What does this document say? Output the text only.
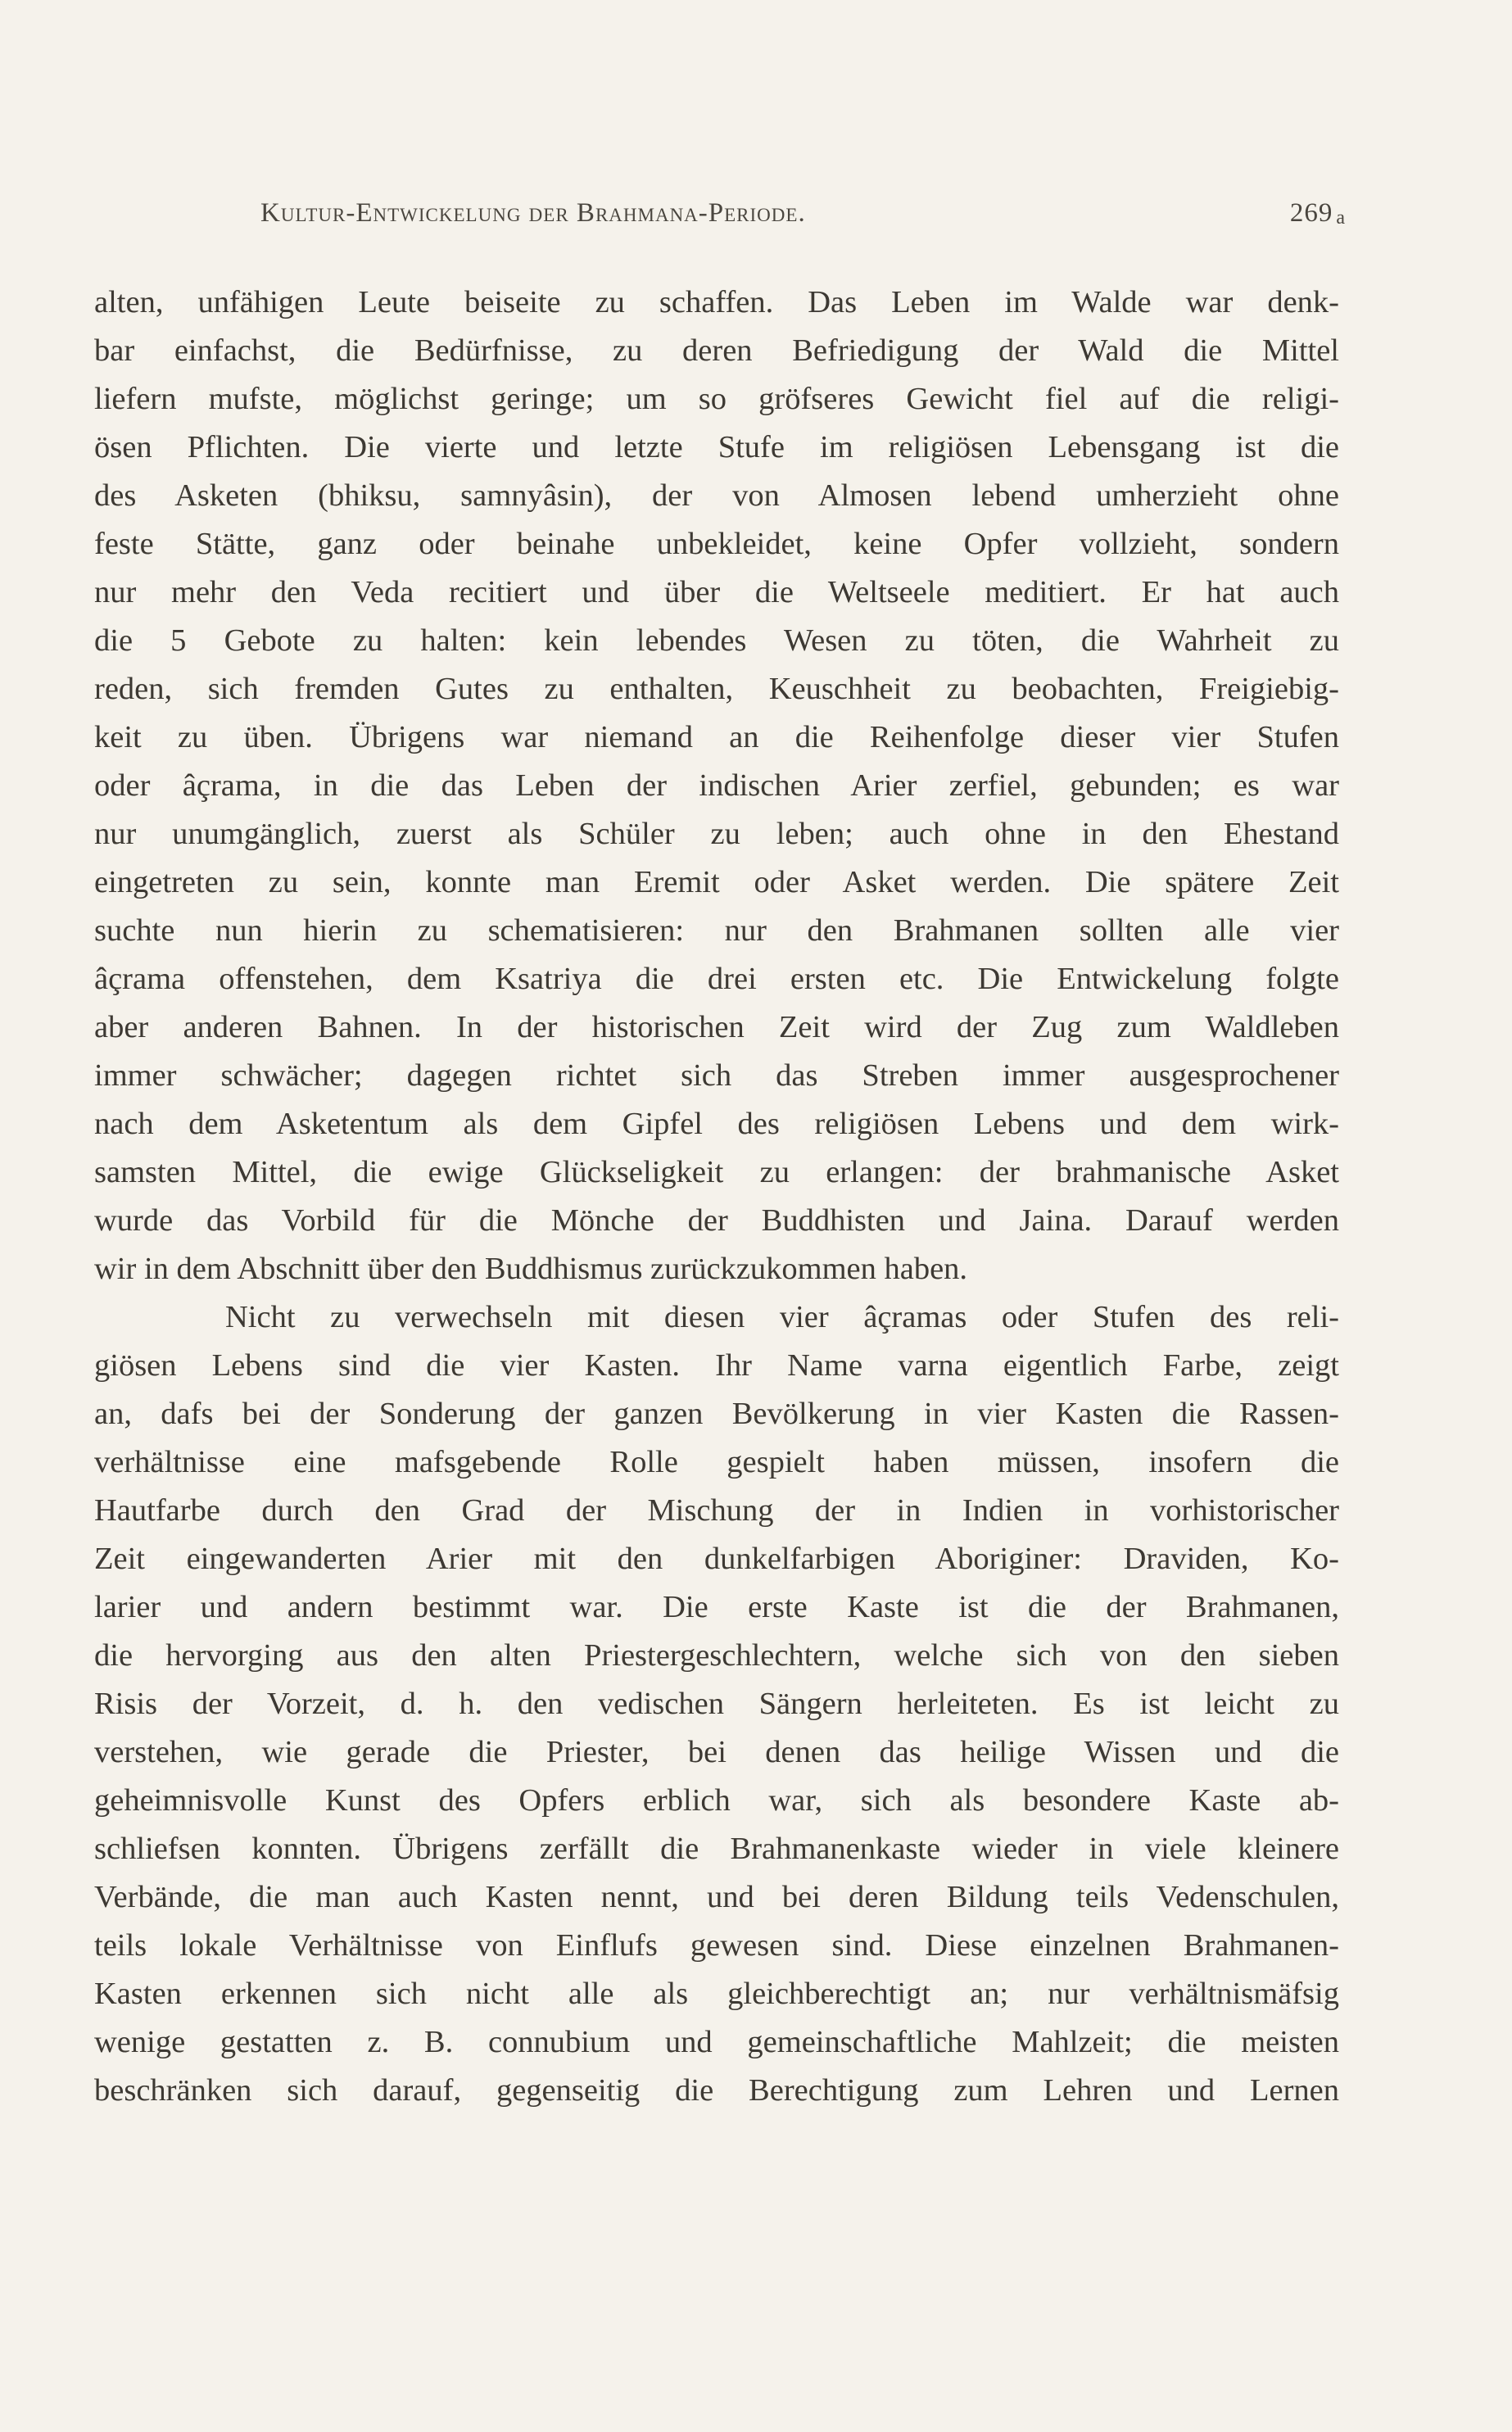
Kultur-Entwickelung der Brahmana-Periode.	269 a
alten, unfähigen Leute beiseite zu schaffen. Das Leben im Walde war denk-
bar einfachst, die Bedürfnisse, zu deren Befriedigung der Wald die Mittel
liefern mufste, möglichst geringe; um so gröfseres Gewicht fiel auf die religi-
ösen Pflichten. Die vierte und letzte Stufe im religiösen Lebensgang ist die
des Asketen (bhiksu, samnyâsin), der von Almosen lebend umherzieht ohne
feste Stätte, ganz oder beinahe unbekleidet, keine Opfer vollzieht, sondern
nur mehr den Veda recitiert und über die Weltseele meditiert. Er hat auch
die 5 Gebote zu halten: kein lebendes Wesen zu töten, die Wahrheit zu
reden, sich fremden Gutes zu enthalten, Keuschheit zu beobachten, Freigiebig-
keit zu üben. Übrigens war niemand an die Reihenfolge dieser vier Stufen
oder âçrama, in die das Leben der indischen Arier zerfiel, gebunden; es war
nur unumgänglich, zuerst als Schüler zu leben; auch ohne in den Ehestand
eingetreten zu sein, konnte man Eremit oder Asket werden. Die spätere Zeit
suchte nun hierin zu schematisieren: nur den Brahmanen sollten alle vier
âçrama offenstehen, dem Ksatriya die drei ersten etc. Die Entwickelung folgte
aber anderen Bahnen. In der historischen Zeit wird der Zug zum Waldleben
immer schwächer; dagegen richtet sich das Streben immer ausgesprochener
nach dem Asketentum als dem Gipfel des religiösen Lebens und dem wirk-
samsten Mittel, die ewige Glückseligkeit zu erlangen: der brahmanische Asket
wurde das Vorbild für die Mönche der Buddhisten und Jaina. Darauf werden
wir in dem Abschnitt über den Buddhismus zurückzukommen haben.
Nicht zu verwechseln mit diesen vier âçramas oder Stufen des reli-
giösen Lebens sind die vier Kasten. Ihr Name varna eigentlich Farbe, zeigt
an, dafs bei der Sonderung der ganzen Bevölkerung in vier Kasten die Rassen-
verhältnisse eine mafsgebende Rolle gespielt haben müssen, insofern die
Hautfarbe durch den Grad der Mischung der in Indien in vorhistorischer
Zeit eingewanderten Arier mit den dunkelfarbigen Aboriginer: Draviden, Ko-
larier und andern bestimmt war. Die erste Kaste ist die der Brahmanen,
die hervorging aus den alten Priestergeschlechtern, welche sich von den sieben
Risis der Vorzeit, d. h. den vedischen Sängern herleiteten. Es ist leicht zu
verstehen, wie gerade die Priester, bei denen das heilige Wissen und die
geheimnisvolle Kunst des Opfers erblich war, sich als besondere Kaste ab-
schliefsen konnten. Übrigens zerfällt die Brahmanenkaste wieder in viele kleinere
Verbände, die man auch Kasten nennt, und bei deren Bildung teils Vedenschulen,
teils lokale Verhältnisse von Einflufs gewesen sind. Diese einzelnen Brahmanen-
Kasten erkennen sich nicht alle als gleichberechtigt an; nur verhältnismäfsig
wenige gestatten z. B. connubium und gemeinschaftliche Mahlzeit; die meisten
beschränken sich darauf, gegenseitig die Berechtigung zum Lehren und Lernen
